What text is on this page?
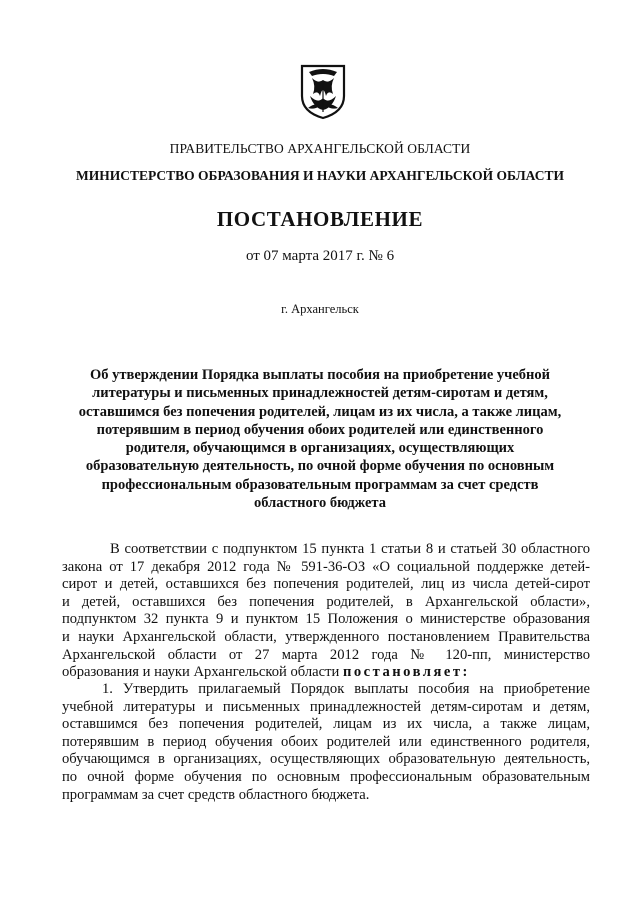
ПРАВИТЕЛЬСТВО АРХАНГЕЛЬСКОЙ ОБЛАСТИ
МИНИСТЕРСТВО ОБРАЗОВАНИЯ И НАУКИ АРХАНГЕЛЬСКОЙ ОБЛАСТИ
ПОСТАНОВЛЕНИЕ
от 07 марта 2017 г. № 6
г. Архангельск
Об утверждении Порядка выплаты пособия на приобретение учебной
литературы и письменных принадлежностей детям-сиротам и детям,
оставшимся без попечения родителей, лицам из их числа, а также лицам,
потерявшим в период обучения обоих родителей или единственного
родителя, обучающимся в организациях, осуществляющих
образовательную деятельность, по очной форме обучения по основным
профессиональным образовательным программам за счет средств
областного бюджета
В соответствии с подпунктом 15 пункта 1 статьи 8 и статьей 30 областного
закона от 17 декабря 2012 года № 591-36-ОЗ «О социальной поддержке детей-
сирот и детей, оставшихся без попечения родителей, лиц из числа детей-сирот
и детей, оставшихся без попечения родителей, в Архангельской области»,
подпунктом 32 пункта 9 и пунктом 15 Положения о министерстве образования
и науки Архангельской области, утвержденного постановлением Правительства
Архангельской области от 27 марта 2012 года № 120-пп, министерство
образования и науки Архангельской области постановляет:
1. Утвердить прилагаемый Порядок выплаты пособия на приобретение
учебной литературы и письменных принадлежностей детям-сиротам и детям,
оставшимся без попечения родителей, лицам из их числа, а также лицам,
потерявшим в период обучения обоих родителей или единственного родителя,
обучающимся в организациях, осуществляющих образовательную деятельность,
по очной форме обучения по основным профессиональным образовательным
программам за счет средств областного бюджета.
